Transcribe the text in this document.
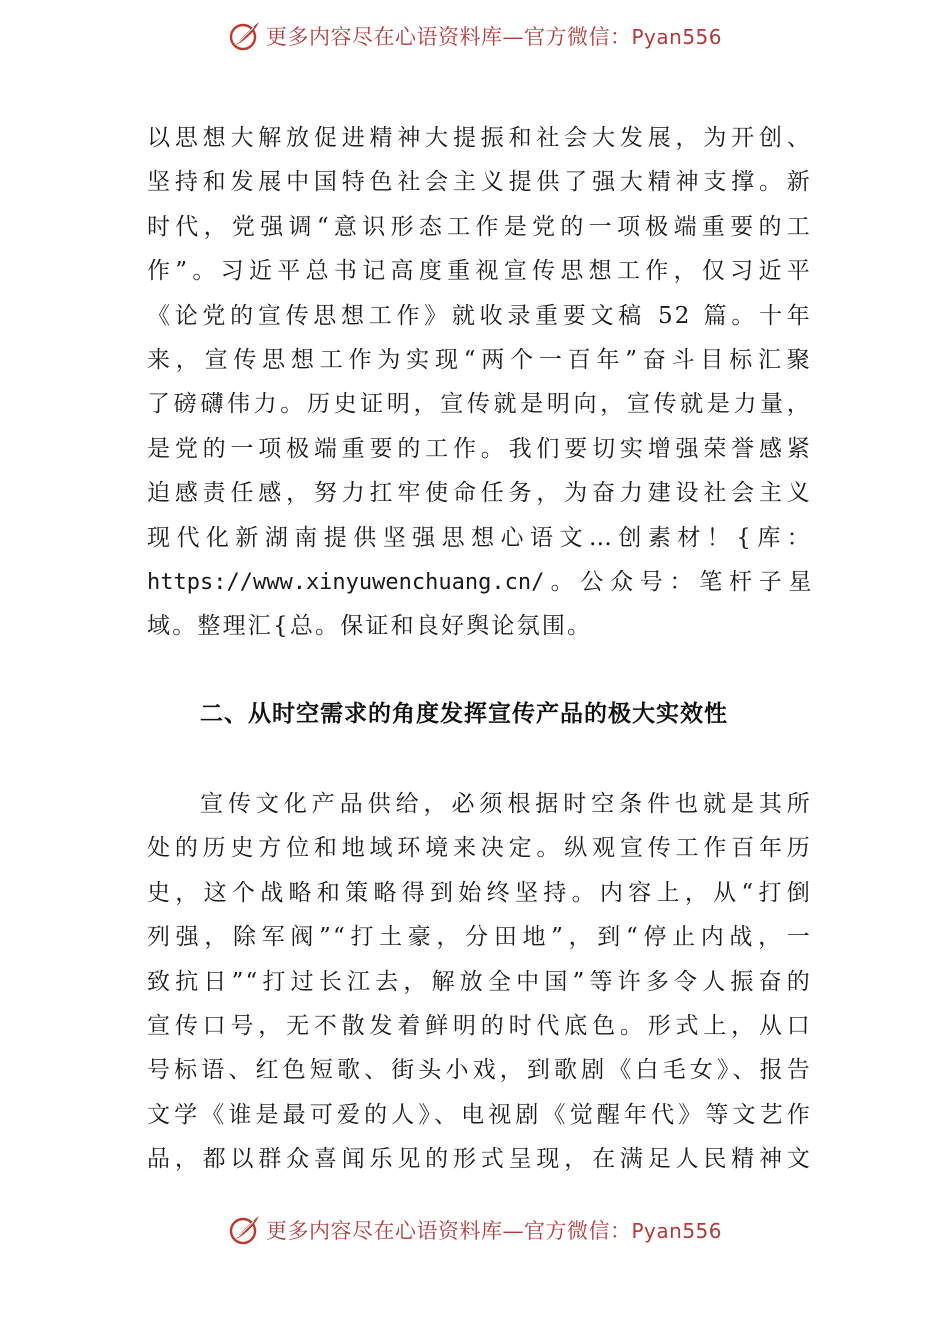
更多内容尽在心语资料库—官方微信：Pyan556
以思想大解放促进精神大提振和社会大发展，为开创、
坚持和发展中国特色社会主义提供了强大精神支撑。新
时代，党强调“意识形态工作是党的一项极端重要的工
作”。习近平总书记高度重视宣传思想工作，仅习近平
《论党的宣传思想工作》就收录重要文稿 52 篇。十年
来，宣传思想工作为实现“两个一百年”奋斗目标汇聚
了磅礴伟力。历史证明，宣传就是明向，宣传就是力量，
是党的一项极端重要的工作。我们要切实增强荣誉感紧
迫感责任感，努力扛牢使命任务，为奋力建设社会主义
现代化新湖南提供坚强思想心语文…创素材！{库：
https://www.xinyuwenchuang.cn/。公众号：笔杆子星
域。整理汇{总。保证和良好舆论氛围。
二、从时空需求的角度发挥宣传产品的极大实效性
宣传文化产品供给，必须根据时空条件也就是其所
处的历史方位和地域环境来决定。纵观宣传工作百年历
史，这个战略和策略得到始终坚持。内容上，从“打倒
列强，除军阀”“打土豪，分田地”，到“停止内战，一
致抗日”“打过长江去，解放全中国”等许多令人振奋的
宣传口号，无不散发着鲜明的时代底色。形式上，从口
号标语、红色短歌、街头小戏，到歌剧《白毛女》、报告
文学《谁是最可爱的人》、电视剧《觉醒年代》等文艺作
品，都以群众喜闻乐见的形式呈现，在满足人民精神文
更多内容尽在心语资料库—官方微信：Pyan556
